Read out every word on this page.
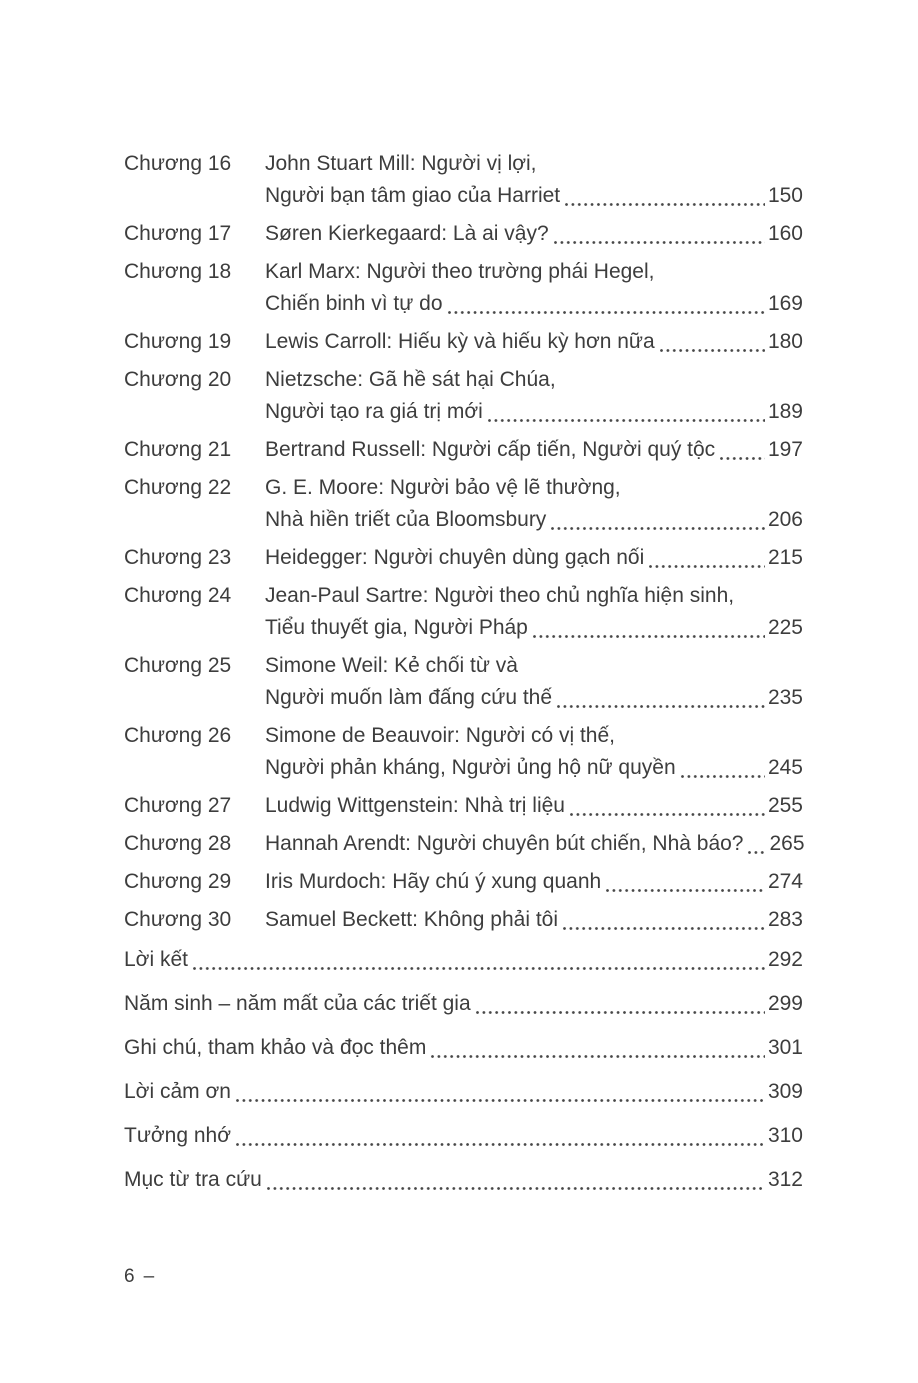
Chương 16	John Stuart Mill: Người vị lợi,
Người bạn tâm giao của Harriet	150
Chương 17	Søren Kierkegaard: Là ai vậy?	160
Chương 18	Karl Marx: Người theo trường phái Hegel,
Chiến binh vì tự do	169
Chương 19	Lewis Carroll: Hiếu kỳ và hiếu kỳ hơn nữa	180
Chương 20	Nietzsche: Gã hề sát hại Chúa,
Người tạo ra giá trị mới	189
Chương 21	Bertrand Russell: Người cấp tiến, Người quý tộc	197
Chương 22	G. E. Moore: Người bảo vệ lẽ thường,
Nhà hiền triết của Bloomsbury	206
Chương 23	Heidegger: Người chuyên dùng gạch nối	215
Chương 24	Jean-Paul Sartre: Người theo chủ nghĩa hiện sinh,
Tiểu thuyết gia, Người Pháp	225
Chương 25	Simone Weil: Kẻ chối từ và
Người muốn làm đấng cứu thế	235
Chương 26	Simone de Beauvoir: Người có vị thế,
Người phản kháng, Người ủng hộ nữ quyền	245
Chương 27	Ludwig Wittgenstein: Nhà trị liệu	255
Chương 28	Hannah Arendt: Người chuyên bút chiến, Nhà báo? 265
Chương 29	Iris Murdoch: Hãy chú ý xung quanh	274
Chương 30	Samuel Beckett: Không phải tôi	283
Lời kết	292
Năm sinh – năm mất của các triết gia	299
Ghi chú, tham khảo và đọc thêm	301
Lời cảm ơn	309
Tưởng nhớ	310
Mục từ tra cứu	312
6 –
